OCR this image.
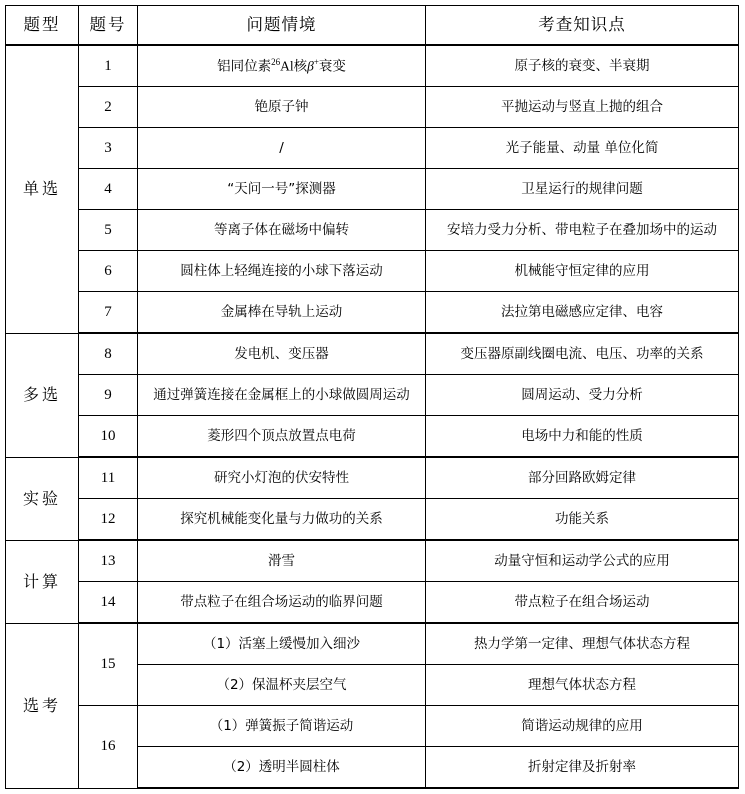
题型	题号	问题情境	考查知识点
单选	1	铝同位素$^{26}$Al核β+衰变	原子核的衰变、半衰期
	2	铯原子钟	平抛运动与竖直上抛的组合
	3	/	光子能量、动量 单位化简
	4	“天问一号”探测器	卫星运行的规律问题
	5	等离子体在磁场中偏转	安培力受力分析、带电粒子在叠加场中的运动
	6	圆柱体上轻绳连接的小球下落运动	机械能守恒定律的应用
	7	金属棒在导轨上运动	法拉第电磁感应定律、电容
多选	8	发电机、变压器	变压器原副线圈电流、电压、功率的关系
	9	通过弹簧连接在金属框上的小球做圆周运动	圆周运动、受力分析
	10	菱形四个顶点放置点电荷	电场中力和能的性质
实验	11	研究小灯泡的伏安特性	部分回路欧姆定律
	12	探究机械能变化量与力做功的关系	功能关系
计算	13	滑雪	动量守恒和运动学公式的应用
	14	带点粒子在组合场运动的临界问题	带点粒子在组合场运动
选考	15	（1）活塞上缓慢加入细沙	热力学第一定律、理想气体状态方程
		（2）保温杯夹层空气	理想气体状态方程
	16	（1）弹簧振子简谐运动	简谐运动规律的应用
		（2）透明半圆柱体	折射定律及折射率
